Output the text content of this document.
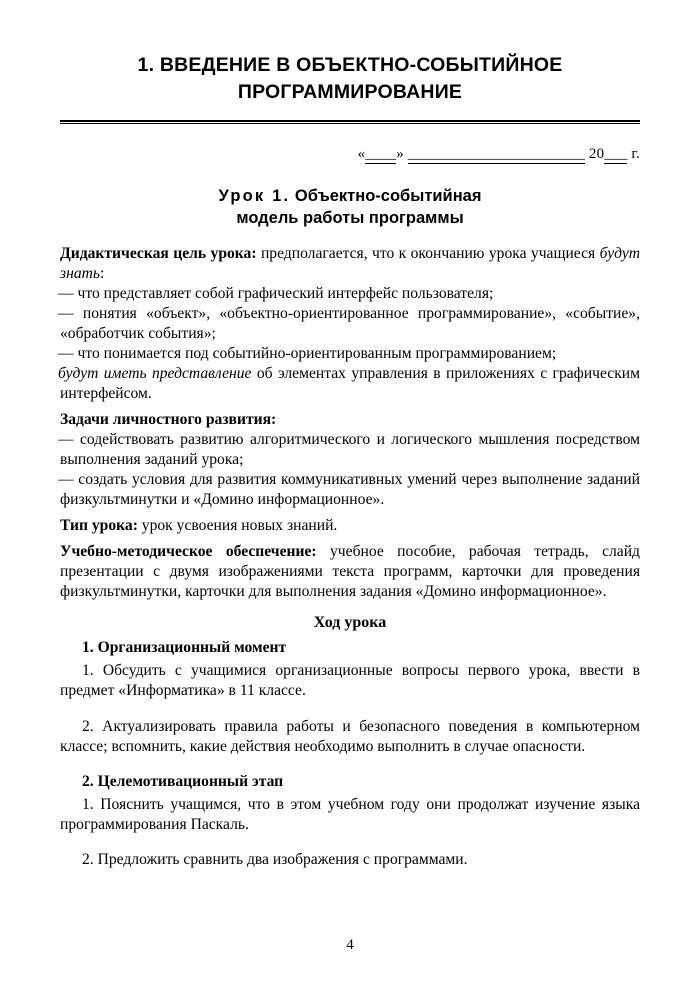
1. ВВЕДЕНИЕ В ОБЪЕКТНО-СОБЫТИЙНОЕ ПРОГРАММИРОВАНИЕ
«____» _______________________ 20___ г.
Урок 1. Объектно-событийная
модель работы программы

Дидактическая цель урока: предполагается, что к окончанию урока учащиеся будут знать:

— что представляет собой графический интерфейс пользователя;

— понятия «объект», «объектно-ориентированное программирование», «событие», «обработчик события»;

— что понимается под событийно-ориентированным программированием;

будут иметь представление об элементах управления в приложениях с графическим интерфейсом.

Задачи личностного развития:

— содействовать развитию алгоритмического и логического мышления посредством выполнения заданий урока;

— создать условия для развития коммуникативных умений через выполнение заданий физкультминутки и «Домино информационное».

Тип урока: урок усвоения новых знаний.

Учебно-методическое обеспечение: учебное пособие, рабочая тетрадь, слайд презентации с двумя изображениями текста программ, карточки для проведения физкультминутки, карточки для выполнения задания «Домино информационное».

Ход урока
1. Организационный момент

1. Обсудить с учащимися организационные вопросы первого урока, ввести в предмет «Информатика» в 11 классе.

2. Актуализировать правила работы и безопасного поведения в компьютерном классе; вспомнить, какие действия необходимо выполнить в случае опасности.

2. Целемотивационный этап

1. Пояснить учащимся, что в этом учебном году они продолжат изучение языка программирования Паскаль.

2. Предложить сравнить два изображения с программами.

4
